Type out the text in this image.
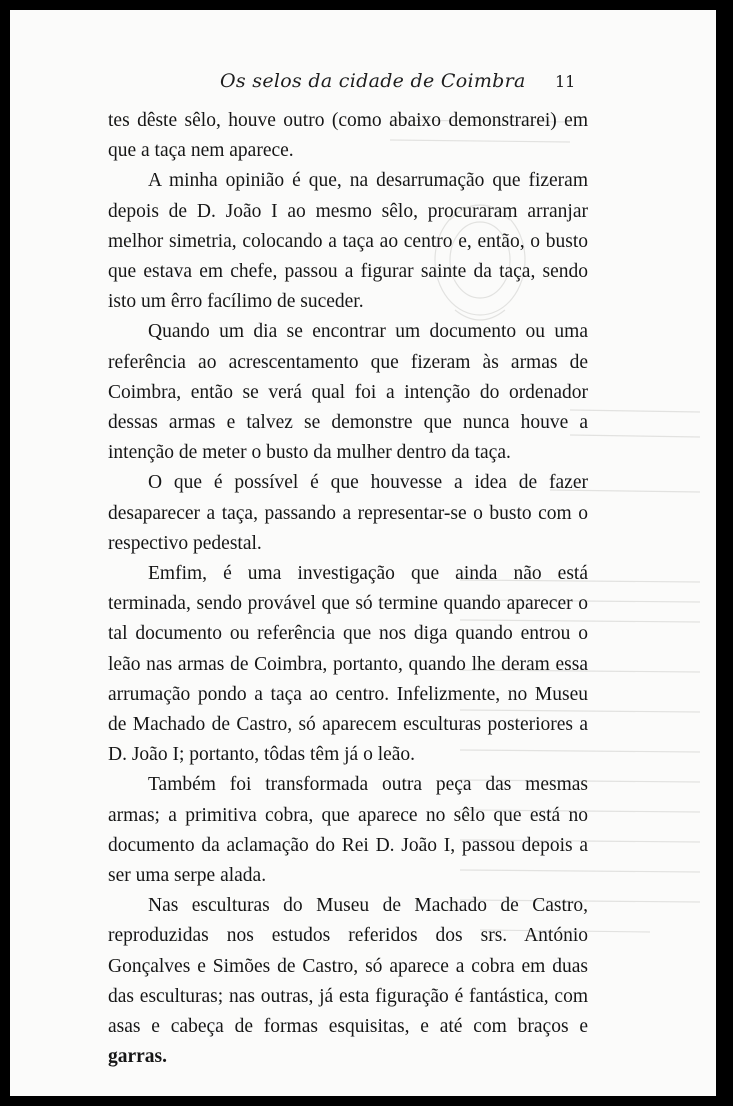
Os selos da cidade de Coimbra 11

tes dêste sêlo, houve outro (como abaixo demonstrarei) em que a taça nem aparece.

A minha opinião é que, na desarrumação que fizeram depois de D. João I ao mesmo sêlo, procuraram arranjar melhor simetria, colocando a taça ao centro e, então, o busto que estava em chefe, passou a figurar sainte da taça, sendo isto um êrro facílimo de suceder.

Quando um dia se encontrar um documento ou uma referência ao acrescentamento que fizeram às armas de Coimbra, então se verá qual foi a intenção do ordenador dessas armas e talvez se demonstre que nunca houve a intenção de meter o busto da mulher dentro da taça.

O que é possível é que houvesse a idea de fazer desaparecer a taça, passando a representar-se o busto com o respectivo pedestal.

Emfim, é uma investigação que ainda não está terminada, sendo provável que só termine quando aparecer o tal documento ou referência que nos diga quando entrou o leão nas armas de Coimbra, portanto, quando lhe deram essa arrumação pondo a taça ao centro. Infelizmente, no Museu de Machado de Castro, só aparecem esculturas posteriores a D. João I; portanto, tôdas têm já o leão.

Também foi transformada outra peça das mesmas armas; a primitiva cobra, que aparece no sêlo que está no documento da aclamação do Rei D. João I, passou depois a ser uma serpe alada.

Nas esculturas do Museu de Machado de Castro, reproduzidas nos estudos referidos dos srs. António Gonçalves e Simões de Castro, só aparece a cobra em duas das esculturas; nas outras, já esta figuração é fantástica, com asas e cabeça de formas esquisitas, e até com braços e garras.
